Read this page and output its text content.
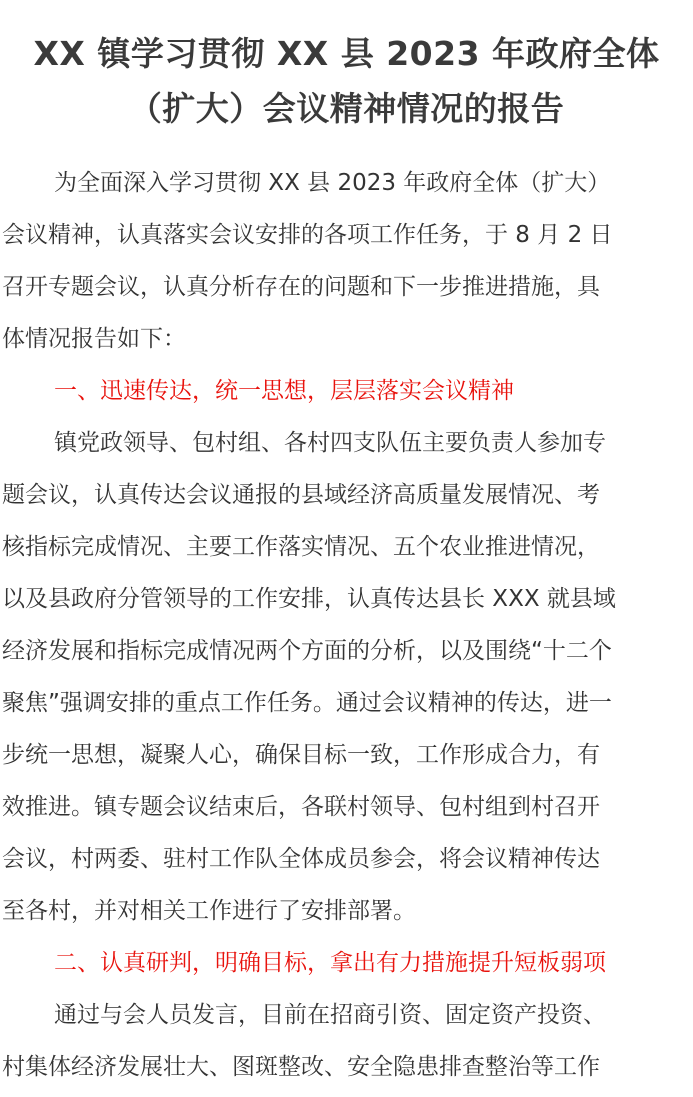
XX 镇学习贯彻 XX 县 2023 年政府全体
（扩大）会议精神情况的报告
为全面深入学习贯彻 XX 县 2023 年政府全体（扩大）
会议精神，认真落实会议安排的各项工作任务，于 8 月 2 日
召开专题会议，认真分析存在的问题和下一步推进措施，具
体情况报告如下：
一、迅速传达，统一思想，层层落实会议精神
镇党政领导、包村组、各村四支队伍主要负责人参加专
题会议，认真传达会议通报的县域经济高质量发展情况、考
核指标完成情况、主要工作落实情况、五个农业推进情况，
以及县政府分管领导的工作安排，认真传达县长 XXX 就县域
经济发展和指标完成情况两个方面的分析，以及围绕“十二个
聚焦”强调安排的重点工作任务。通过会议精神的传达，进一
步统一思想，凝聚人心，确保目标一致，工作形成合力，有
效推进。镇专题会议结束后，各联村领导、包村组到村召开
会议，村两委、驻村工作队全体成员参会，将会议精神传达
至各村，并对相关工作进行了安排部署。
二、认真研判，明确目标，拿出有力措施提升短板弱项
通过与会人员发言，目前在招商引资、固定资产投资、
村集体经济发展壮大、图斑整改、安全隐患排查整治等工作
